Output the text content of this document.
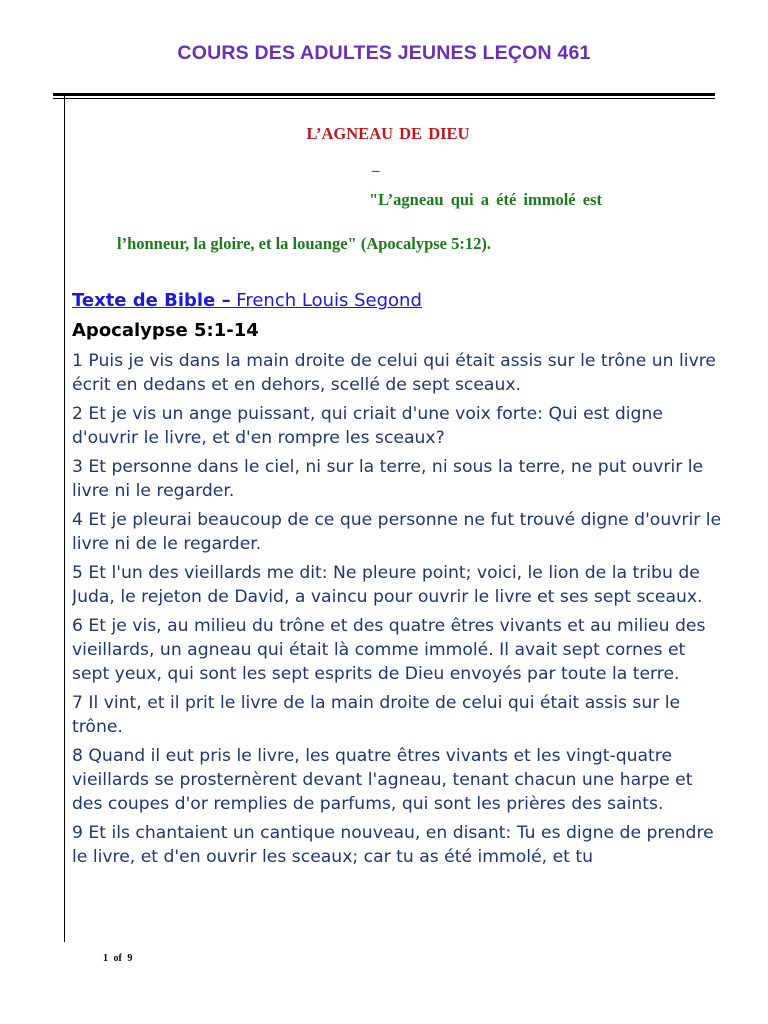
COURS DES ADULTES JEUNES LEÇON 461
L’AGNEAU DE DIEU
_
"L’agneau qui a été immolé est
l’honneur, la gloire, et la louange" (Apocalypse 5:12).
Texte de Bible – French Louis Segond
Apocalypse 5:1-14

1 Puis je vis dans la main droite de celui qui était assis sur le trône un livre écrit en dedans et en dehors, scellé de sept sceaux.

2 Et je vis un ange puissant, qui criait d'une voix forte: Qui est digne d'ouvrir le livre, et d'en rompre les sceaux?

3 Et personne dans le ciel, ni sur la terre, ni sous la terre, ne put ouvrir le livre ni le regarder.

4 Et je pleurai beaucoup de ce que personne ne fut trouvé digne d'ouvrir le livre ni de le regarder.

5 Et l'un des vieillards me dit: Ne pleure point; voici, le lion de la tribu de Juda, le rejeton de David, a vaincu pour ouvrir le livre et ses sept sceaux.

6 Et je vis, au milieu du trône et des quatre êtres vivants et au milieu des vieillards, un agneau qui était là comme immolé. Il avait sept cornes et sept yeux, qui sont les sept esprits de Dieu envoyés par toute la terre.

7 Il vint, et il prit le livre de la main droite de celui qui était assis sur le trône.

8 Quand il eut pris le livre, les quatre êtres vivants et les vingt-quatre vieillards se prosternèrent devant l'agneau, tenant chacun une harpe et des coupes d'or remplies de parfums, qui sont les prières des saints.

9 Et ils chantaient un cantique nouveau, en disant: Tu es digne de prendre le livre, et d'en ouvrir les sceaux; car tu as été immolé, et tu

1 of 9
